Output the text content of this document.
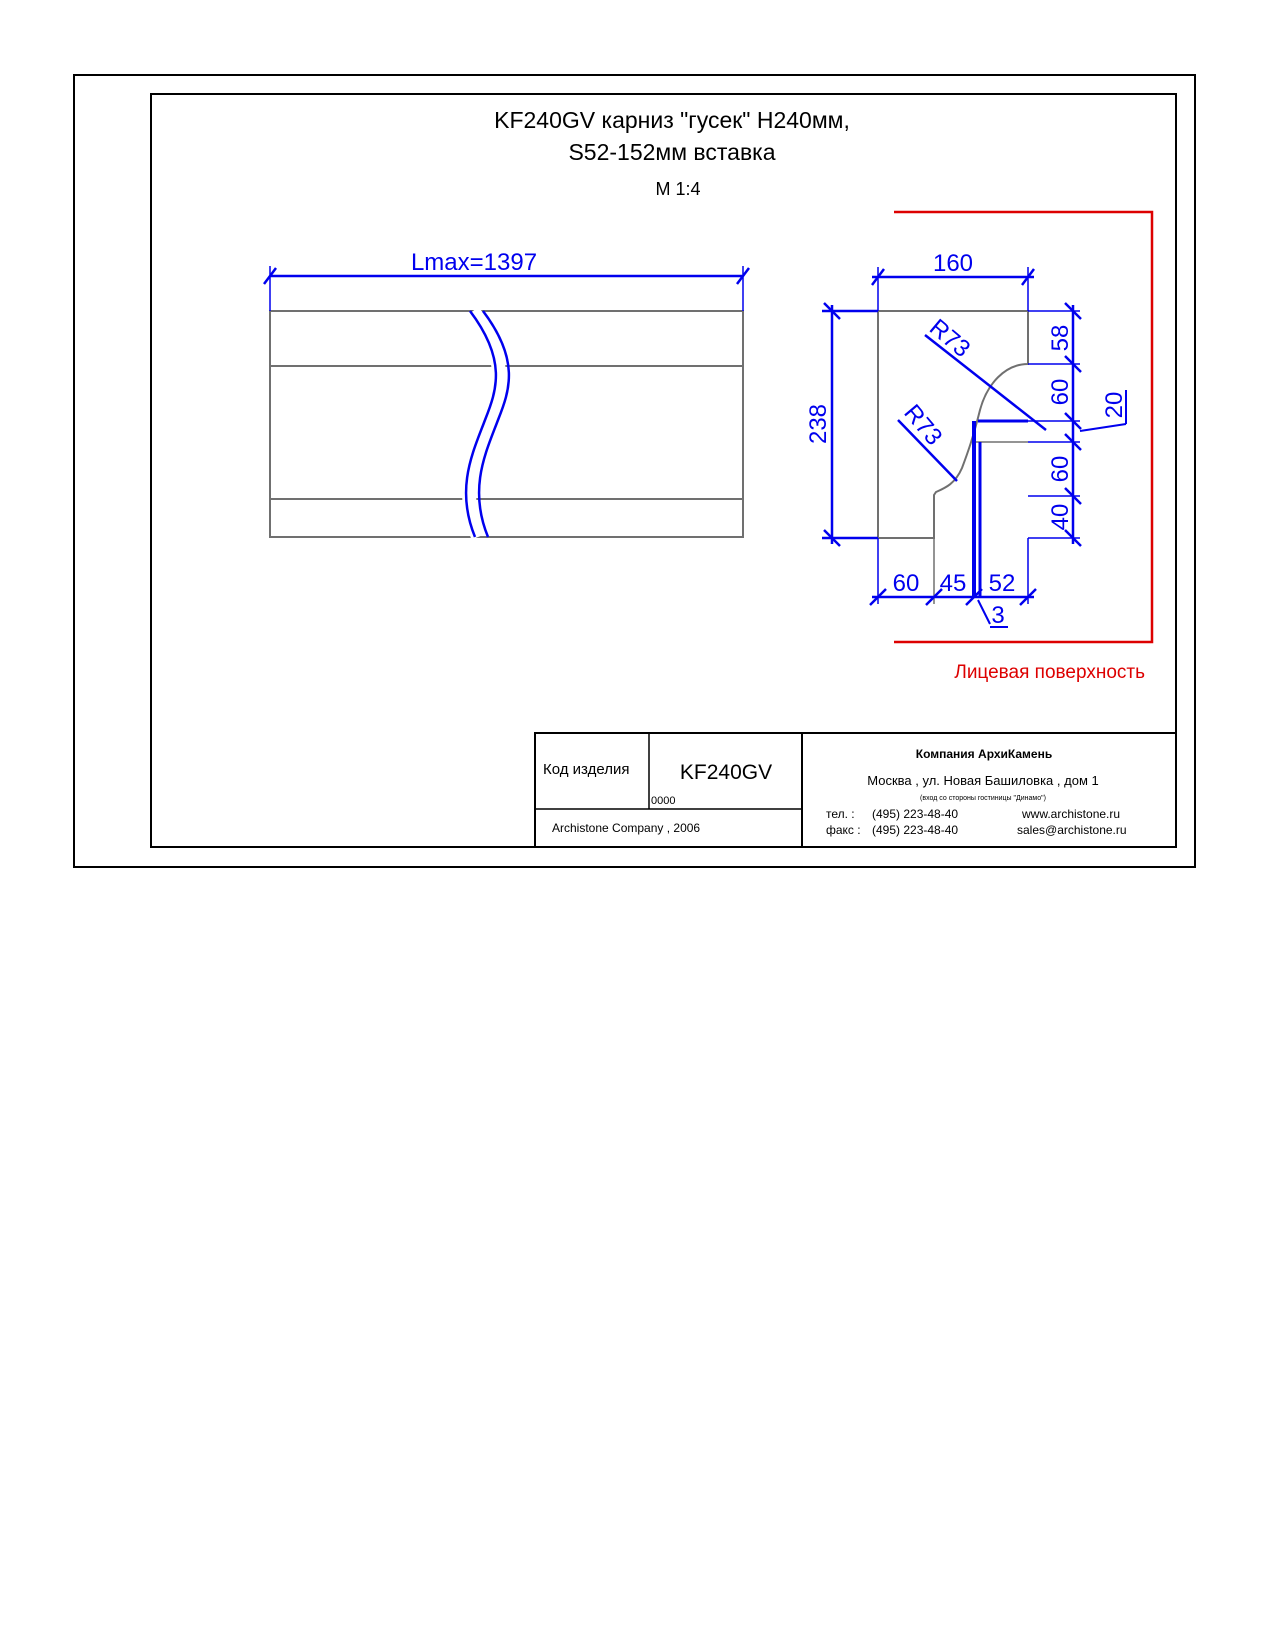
KF240GV карниз "гусек" H240мм,
S52-152мм вставка
M 1:4
Lmax=1397	160
238
R73
R73
58
60
60
40
20
60 45 52
3
Лицевая поверхность
Код изделия KF240GV
0000
Archistone Company , 2006
Компания АрхиКамень
Москва , ул. Новая Башиловка , дом 1
(вход со стороны гостиницы "Динамо")
тел. : (495) 223-48-40
факс : (495) 223-48-40
www.archistone.ru
sales@archistone.ru
